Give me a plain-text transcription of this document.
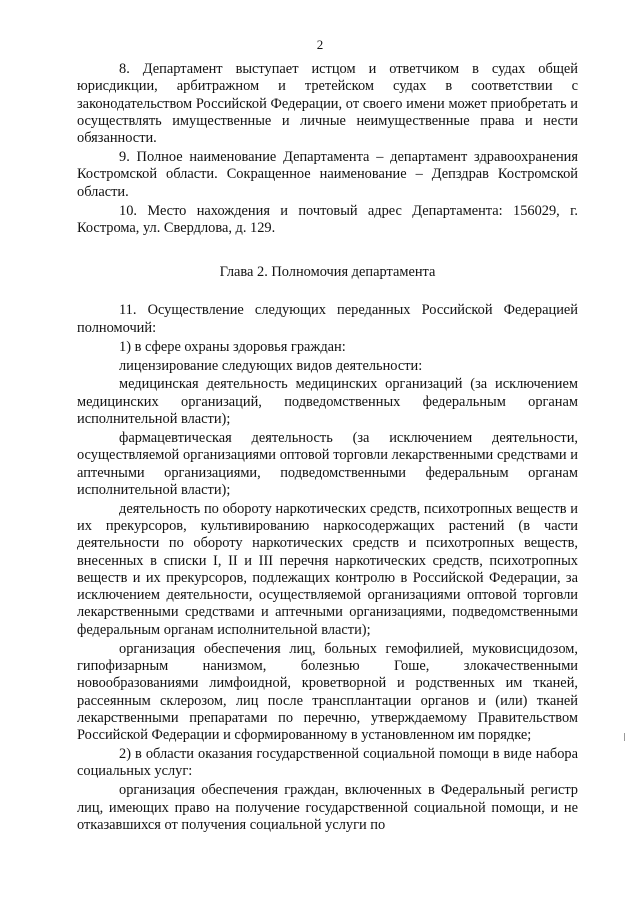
2

8. Департамент выступает истцом и ответчиком в судах общей юрисдикции, арбитражном и третейском судах в соответствии с законодательством Российской Федерации, от своего имени может приобретать и осуществлять имущественные и личные неимущественные права и нести обязанности.

9. Полное наименование Департамента – департамент здравоохранения Костромской области. Сокращенное наименование – Депздрав Костромской области.

10. Место нахождения и почтовый адрес Департамента: 156029, г. Кострома, ул. Свердлова, д. 129.

Глава 2. Полномочия департамента

11. Осуществление следующих переданных Российской Федерацией полномочий:

1) в сфере охраны здоровья граждан:

лицензирование следующих видов деятельности:

медицинская деятельность медицинских организаций (за исключением медицинских организаций, подведомственных федеральным органам исполнительной власти);

фармацевтическая деятельность (за исключением деятельности, осуществляемой организациями оптовой торговли лекарственными средствами и аптечными организациями, подведомственными федеральным органам исполнительной власти);

деятельность по обороту наркотических средств, психотропных веществ и их прекурсоров, культивированию наркосодержащих растений (в части деятельности по обороту наркотических средств и психотропных веществ, внесенных в списки I, II и III перечня наркотических средств, психотропных веществ и их прекурсоров, подлежащих контролю в Российской Федерации, за исключением деятельности, осуществляемой организациями оптовой торговли лекарственными средствами и аптечными организациями, подведомственными федеральным органам исполнительной власти);

организация обеспечения лиц, больных гемофилией, муковисцидозом, гипофизарным нанизмом, болезнью Гоше, злокачественными новообразованиями лимфоидной, кроветворной и родственных им тканей, рассеянным склерозом, лиц после трансплантации органов и (или) тканей лекарственными препаратами по перечню, утверждаемому Правительством Российской Федерации и сформированному в установленном им порядке;

2) в области оказания государственной социальной помощи в виде набора социальных услуг:

организация обеспечения граждан, включенных в Федеральный регистр лиц, имеющих право на получение государственной социальной помощи, и не отказавшихся от получения социальной услуги по
